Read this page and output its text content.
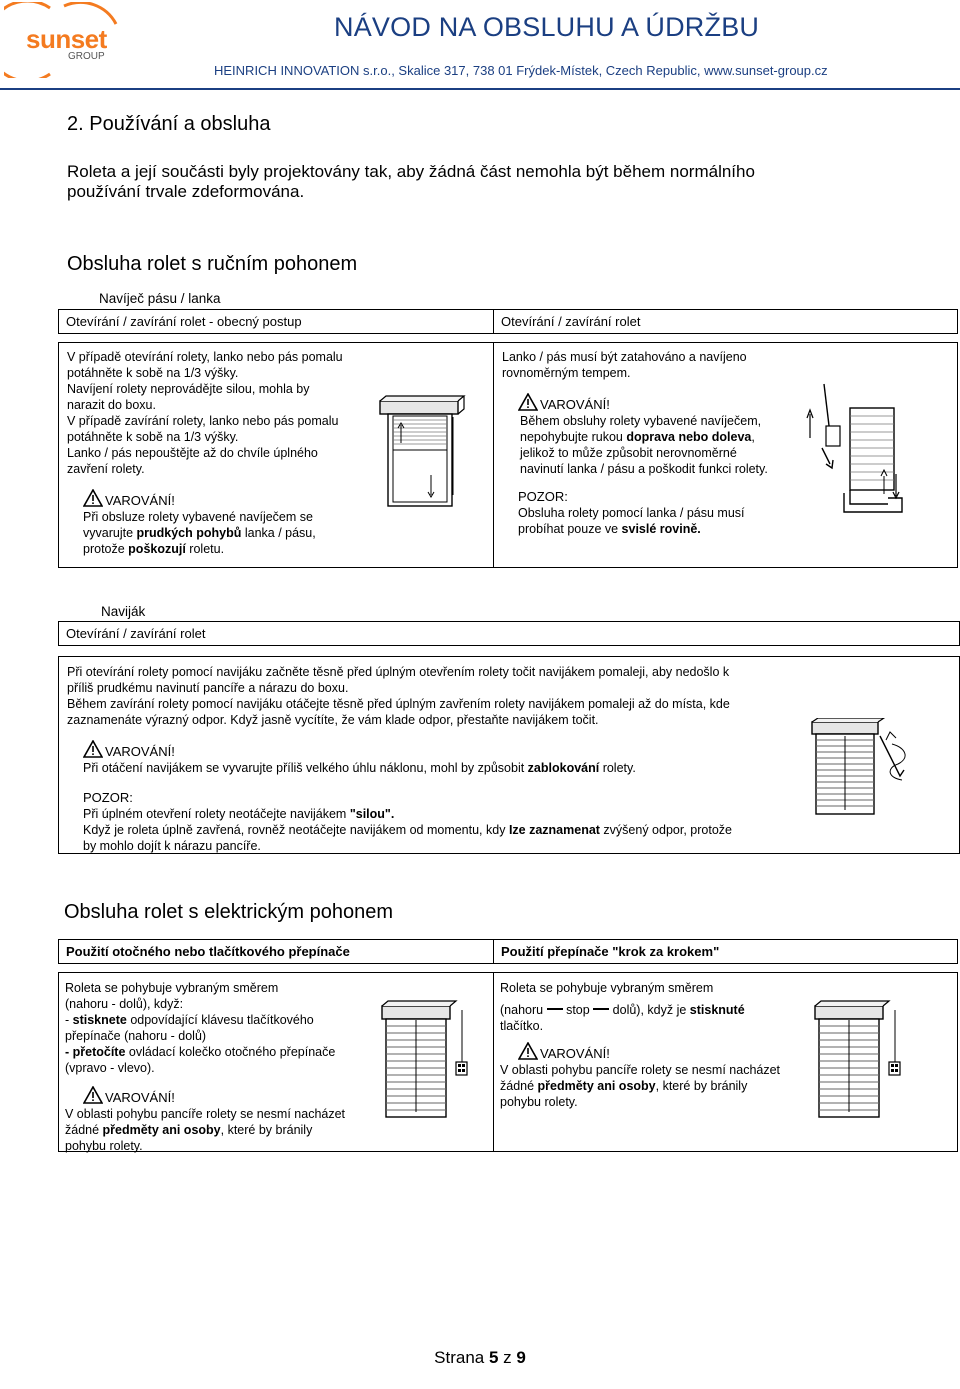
sunset
GROUP
NÁVOD NA OBSLUHU A ÚDRŽBU
HEINRICH INNOVATION s.r.o., Skalice 317, 738 01 Frýdek-Místek, Czech Republic, www.sunset-group.cz
2. Používání a obsluha
Roleta a její součásti byly projektovány tak, aby žádná část nemohla být během normálního používání trvale zdeformována.
Obsluha rolet s ručním pohonem
Navíječ pásu / lanka
Otevírání / zavírání rolet - obecný postup	Otevírání / zavírání rolet

V případě otevírání rolety, lanko nebo pás pomalu potáhněte k sobě na 1/3 výšky.

Navíjení rolety neprovádějte silou, mohla by narazit do boxu.

V případě zavírání rolety, lanko nebo pás pomalu potáhněte k sobě na 1/3 výšky.

Lanko / pás nepouštějte až do chvíle úplného zavření rolety.

VAROVÁNÍ!

Při obsluze rolety vybavené navíječem se vyvarujte prudkých pohybů lanka / pásu, protože poškozují roletu.

Lanko / pás musí být zatahováno a navíjeno rovnoměrným tempem.

VAROVÁNÍ!

Během obsluhy rolety vybavené navíječem, nepohybujte rukou doprava nebo doleva, jelikož to může způsobit nerovnoměrné navinutí lanka / pásu a poškodit funkci rolety.

POZOR:

Obsluha rolety pomocí lanka / pásu musí probíhat pouze ve svislé rovině.

Naviják
Otevírání / zavírání rolet

Při otevírání rolety pomocí navijáku začněte těsně před úplným otevřením rolety točit navijákem pomaleji, aby nedošlo k příliš prudkému navinutí pancíře a nárazu do boxu.

Během zavírání rolety pomocí navijáku otáčejte těsně před úplným zavřením rolety navijákem pomaleji až do místa, kde zaznamenáte výrazný odpor. Když jasně vycítíte, že vám klade odpor, přestaňte navijákem točit.

VAROVÁNÍ!

Při otáčení navijákem se vyvarujte příliš velkého úhlu náklonu, mohl by způsobit zablokování rolety.

POZOR:

Při úplném otevření rolety neotáčejte navijákem "silou".

Když je roleta úplně zavřená, rovněž neotáčejte navijákem od momentu, kdy Ize zaznamenat zvýšený odpor, protože by mohlo dojít k nárazu pancíře.

Obsluha rolet s elektrickým pohonem
Použití otočného nebo tlačítkového přepínače	Použití přepínače "krok za krokem"

Roleta se pohybuje vybraným směrem

(nahoru - dolů), když:

- stisknete odpovídající klávesu tlačítkového přepínače (nahoru - dolů)

- přetočíte ovládací kolečko otočného přepínače (vpravo - vlevo).

VAROVÁNÍ!

V oblasti pohybu pancíře rolety se nesmí nacházet žádné předměty ani osoby, které by bránily pohybu rolety.

Roleta se pohybuje vybraným směrem

(nahoru stop dolů), když je stisknuté

tlačítko.

VAROVÁNÍ!

V oblasti pohybu pancíře rolety se nesmí nacházet žádné předměty ani osoby, které by bránily pohybu rolety.

Strana 5 z 9
